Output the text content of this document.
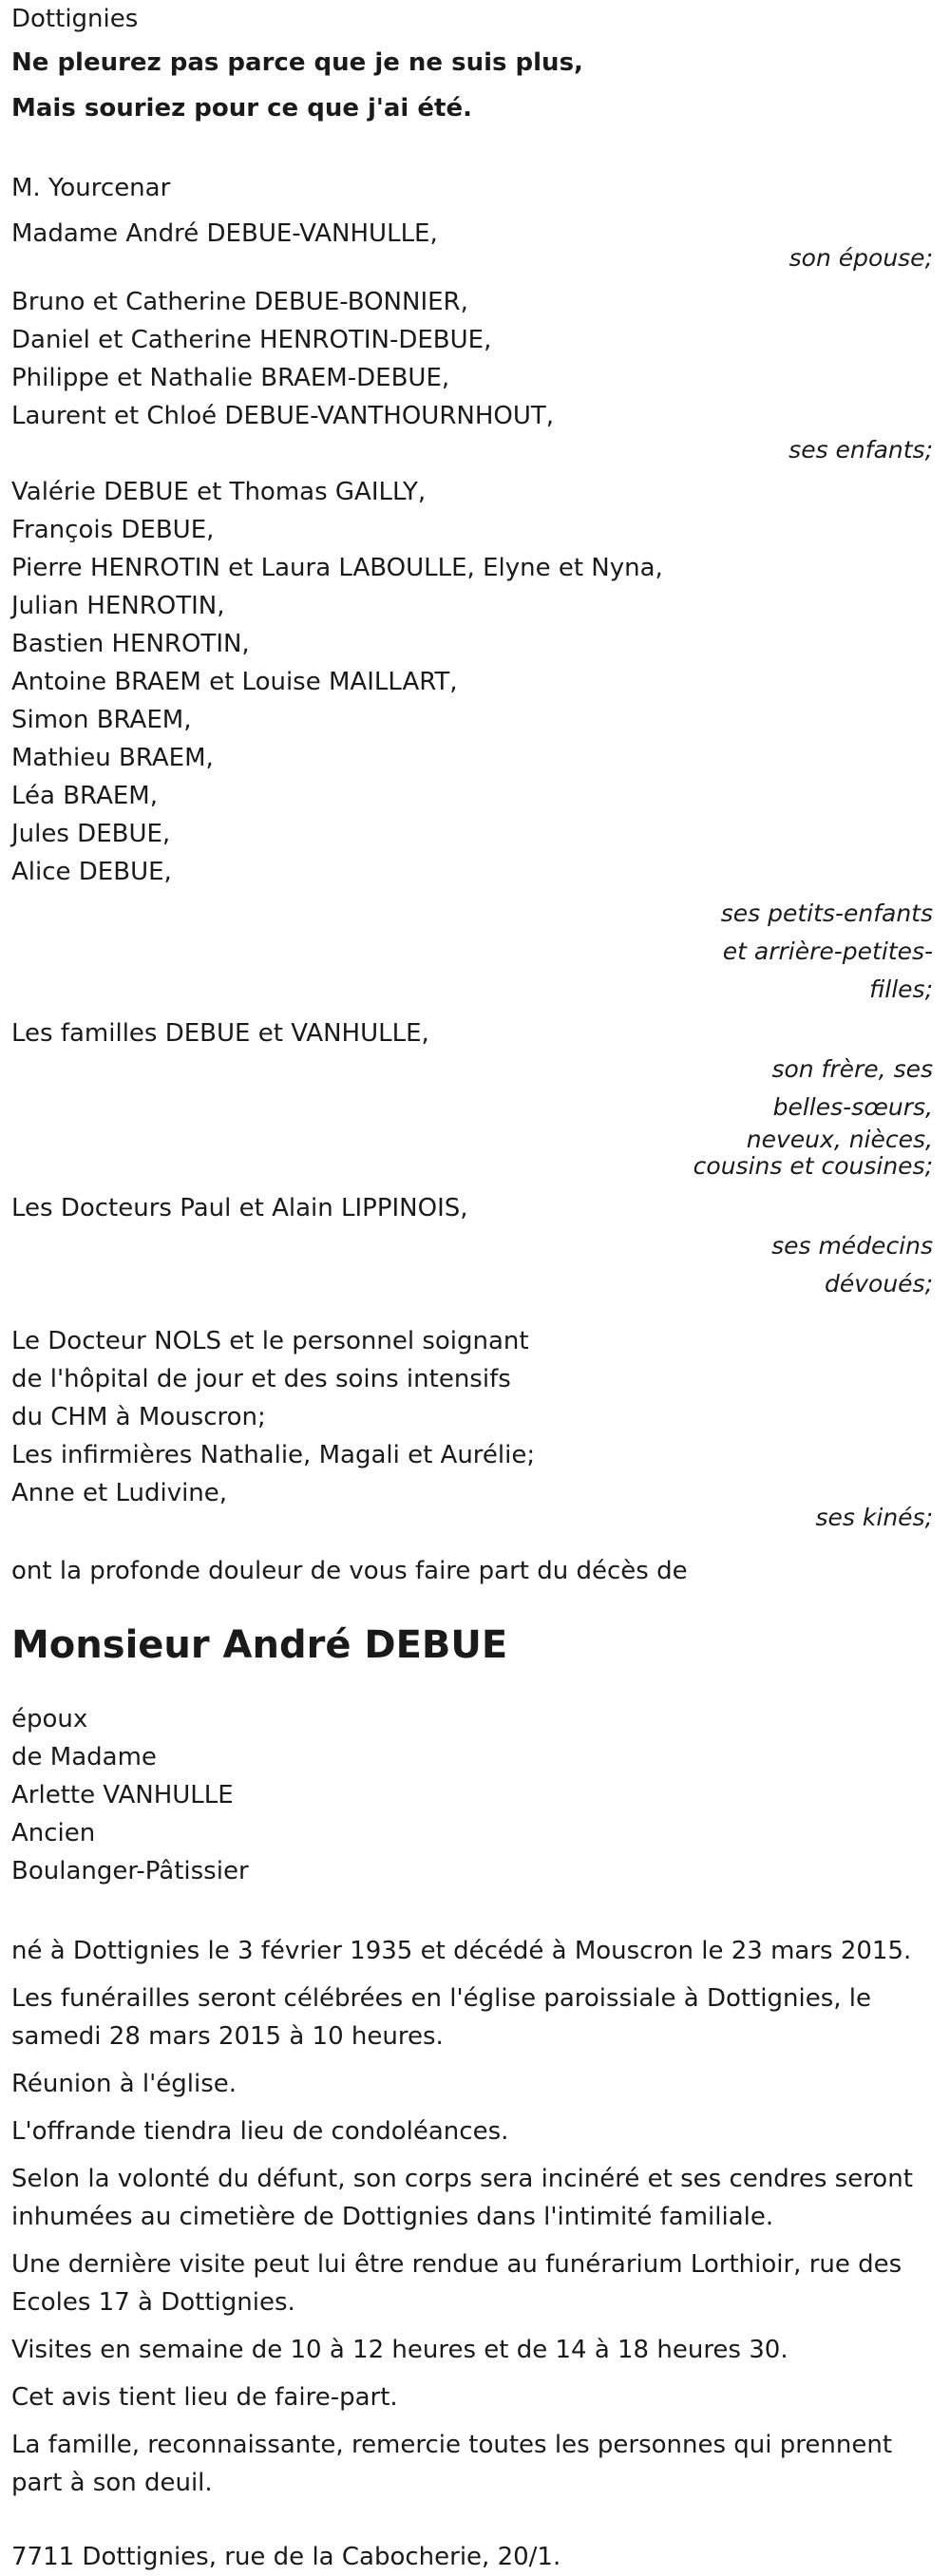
Dottignies
Ne pleurez pas parce que je ne suis plus,
Mais souriez pour ce que j'ai été.
M. Yourcenar
Madame André DEBUE-VANHULLE,
son épouse;
Bruno et Catherine DEBUE-BONNIER,
Daniel et Catherine HENROTIN-DEBUE,
Philippe et Nathalie BRAEM-DEBUE,
Laurent et Chloé DEBUE-VANTHOURNHOUT,
ses enfants;
Valérie DEBUE et Thomas GAILLY,
François DEBUE,
Pierre HENROTIN et Laura LABOULLE, Elyne et Nyna,
Julian HENROTIN,
Bastien HENROTIN,
Antoine BRAEM et Louise MAILLART,
Simon BRAEM,
Mathieu BRAEM,
Léa BRAEM,
Jules DEBUE,
Alice DEBUE,
ses petits-enfants
et arrière-petites-
filles;
Les familles DEBUE et VANHULLE,
son frère, ses
belles-sœurs,
neveux, nièces,
cousins et cousines;
Les Docteurs Paul et Alain LIPPINOIS,
ses médecins
dévoués;
Le Docteur NOLS et le personnel soignant
de l'hôpital de jour et des soins intensifs
du CHM à Mouscron;
Les infirmières Nathalie, Magali et Aurélie;
Anne et Ludivine,
ses kinés;
ont la profonde douleur de vous faire part du décès de
Monsieur André DEBUE
époux
de Madame
Arlette VANHULLE
Ancien
Boulanger-Pâtissier
né à Dottignies le 3 février 1935 et décédé à Mouscron le 23 mars 2015.
Les funérailles seront célébrées en l'église paroissiale à Dottignies, le samedi 28 mars 2015 à 10 heures.
Réunion à l'église.
L'offrande tiendra lieu de condoléances.
Selon la volonté du défunt, son corps sera incinéré et ses cendres seront inhumées au cimetière de Dottignies dans l'intimité familiale.
Une dernière visite peut lui être rendue au funérarium Lorthioir, rue des Ecoles 17 à Dottignies.
Visites en semaine de 10 à 12 heures et de 14 à 18 heures 30.
Cet avis tient lieu de faire-part.
La famille, reconnaissante, remercie toutes les personnes qui prennent part à son deuil.
7711 Dottignies, rue de la Cabocherie, 20/1.
